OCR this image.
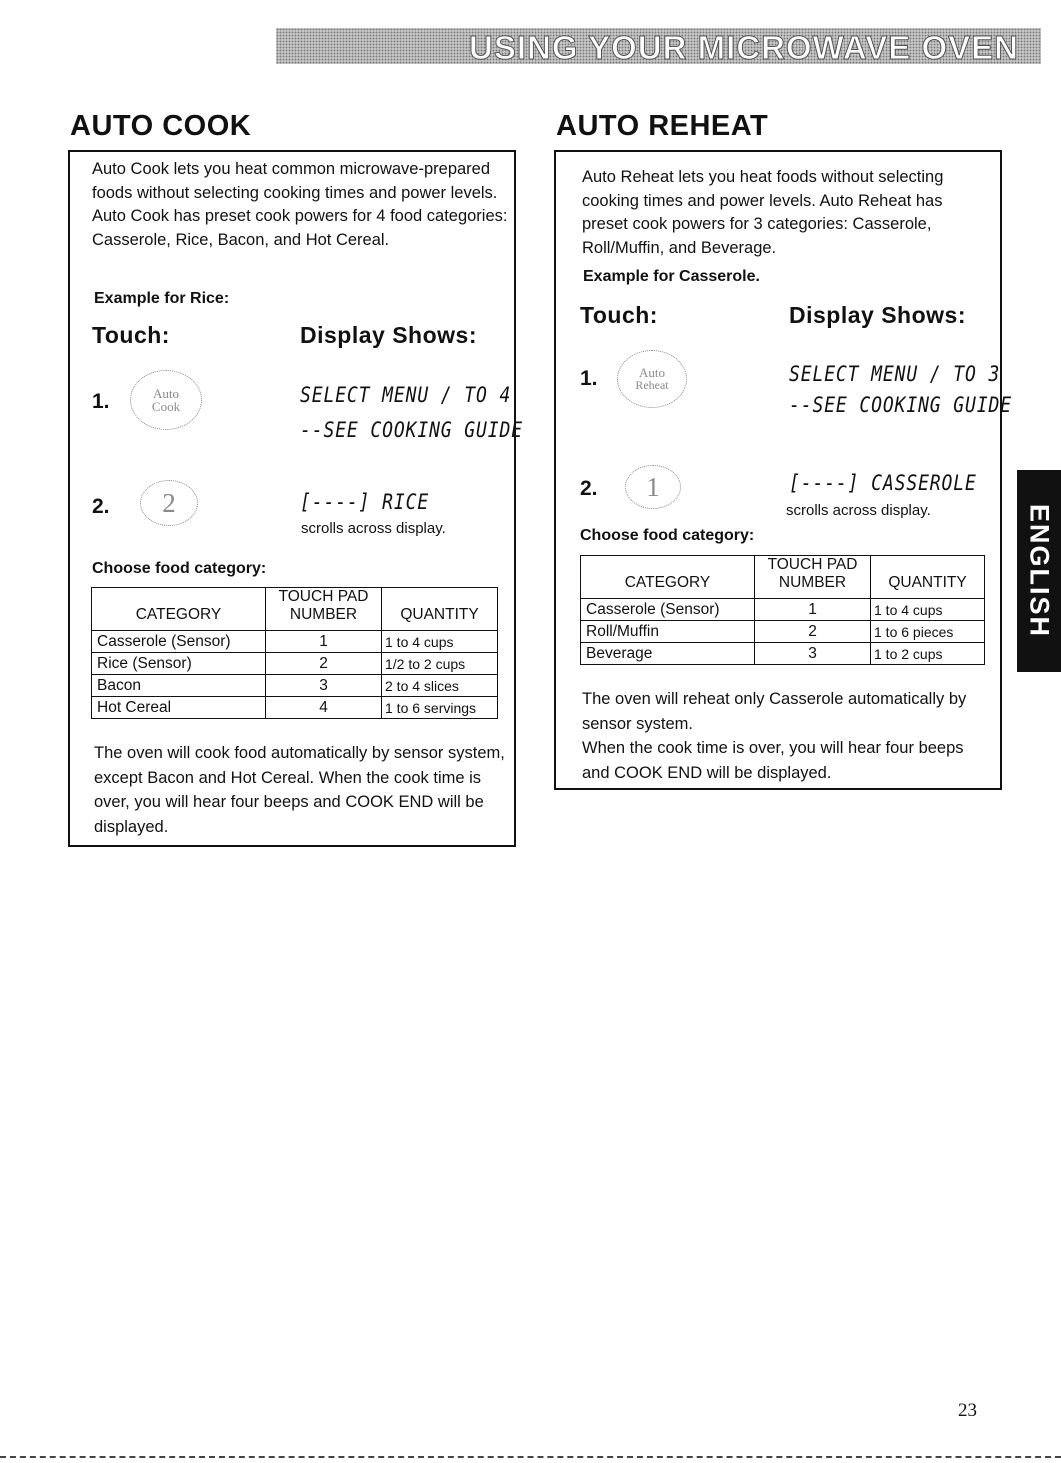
USING YOUR MICROWAVE OVEN
AUTO COOK
Auto Cook lets you heat common microwave-prepared foods without selecting cooking times and power levels. Auto Cook has preset cook powers for 4 food categories: Casserole, Rice, Bacon, and Hot Cereal.
Example for Rice:
Touch:	Display Shows:
1.	Auto
Cook	SELECT MENU / TO 4
--SEE COOKING GUIDE
2. 2	[----] RICE
scrolls across display.
Choose food category:
CATEGORY	TOUCH PAD NUMBER	QUANTITY
Casserole (Sensor)	1	1 to 4 cups
Rice (Sensor)	2	1/2 to 2 cups
Bacon	3	2 to 4 slices
Hot Cereal	4	1 to 6 servings
The oven will cook food automatically by sensor system, except Bacon and Hot Cereal. When the cook time is over, you will hear four beeps and COOK END will be displayed.
AUTO REHEAT
Auto Reheat lets you heat foods without selecting cooking times and power levels. Auto Reheat has preset cook powers for 3 categories: Casserole, Roll/Muffin, and Beverage.
Example for Casserole.
Touch:	Display Shows:
1.	Auto
Reheat	SELECT MENU / TO 3
--SEE COOKING GUIDE
2. 1	[----] CASSEROLE
scrolls across display.
Choose food category:
CATEGORY	TOUCH PAD NUMBER	QUANTITY
Casserole (Sensor)	1	1 to 4 cups
Roll/Muffin	2	1 to 6 pieces
Beverage	3	1 to 2 cups
The oven will reheat only Casserole automatically by sensor system.
When the cook time is over, you will hear four beeps and COOK END will be displayed.
ENGLISH
23
